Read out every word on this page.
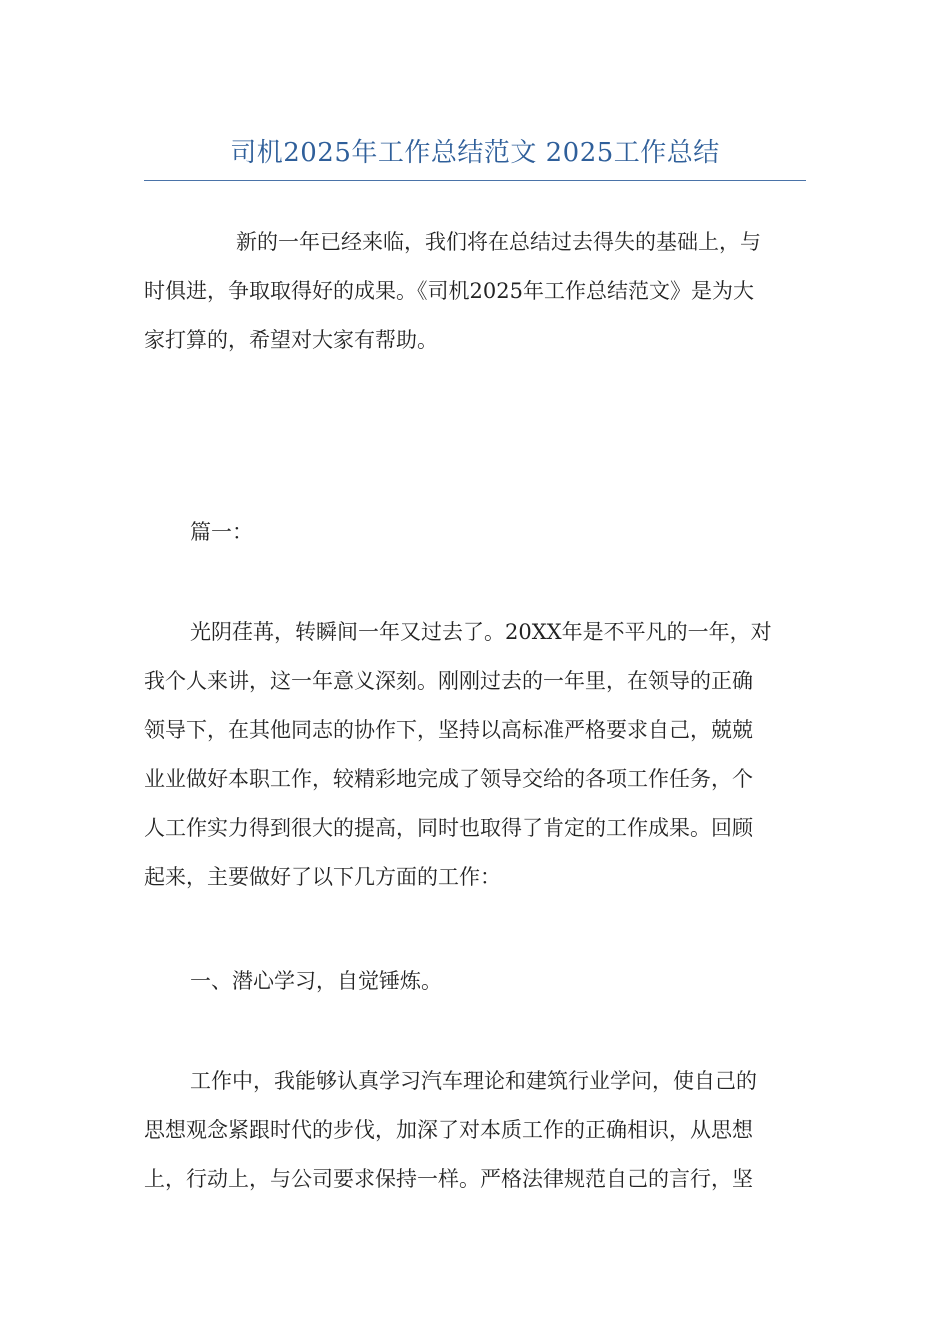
司机2025年工作总结范文 2025工作总结
新的一年已经来临，我们将在总结过去得失的基础上，与
时俱进，争取取得好的成果。《司机2025年工作总结范文》是为大
家打算的，希望对大家有帮助。
篇一：
光阴荏苒，转瞬间一年又过去了。20XX年是不平凡的一年，对
我个人来讲，这一年意义深刻。刚刚过去的一年里，在领导的正确
领导下，在其他同志的协作下，坚持以高标准严格要求自己，兢兢
业业做好本职工作，较精彩地完成了领导交给的各项工作任务，个
人工作实力得到很大的提高，同时也取得了肯定的工作成果。回顾
起来，主要做好了以下几方面的工作：
一、潜心学习，自觉锤炼。
工作中，我能够认真学习汽车理论和建筑行业学问，使自己的
思想观念紧跟时代的步伐，加深了对本质工作的正确相识，从思想
上，行动上，与公司要求保持一样。严格法律规范自己的言行，坚
